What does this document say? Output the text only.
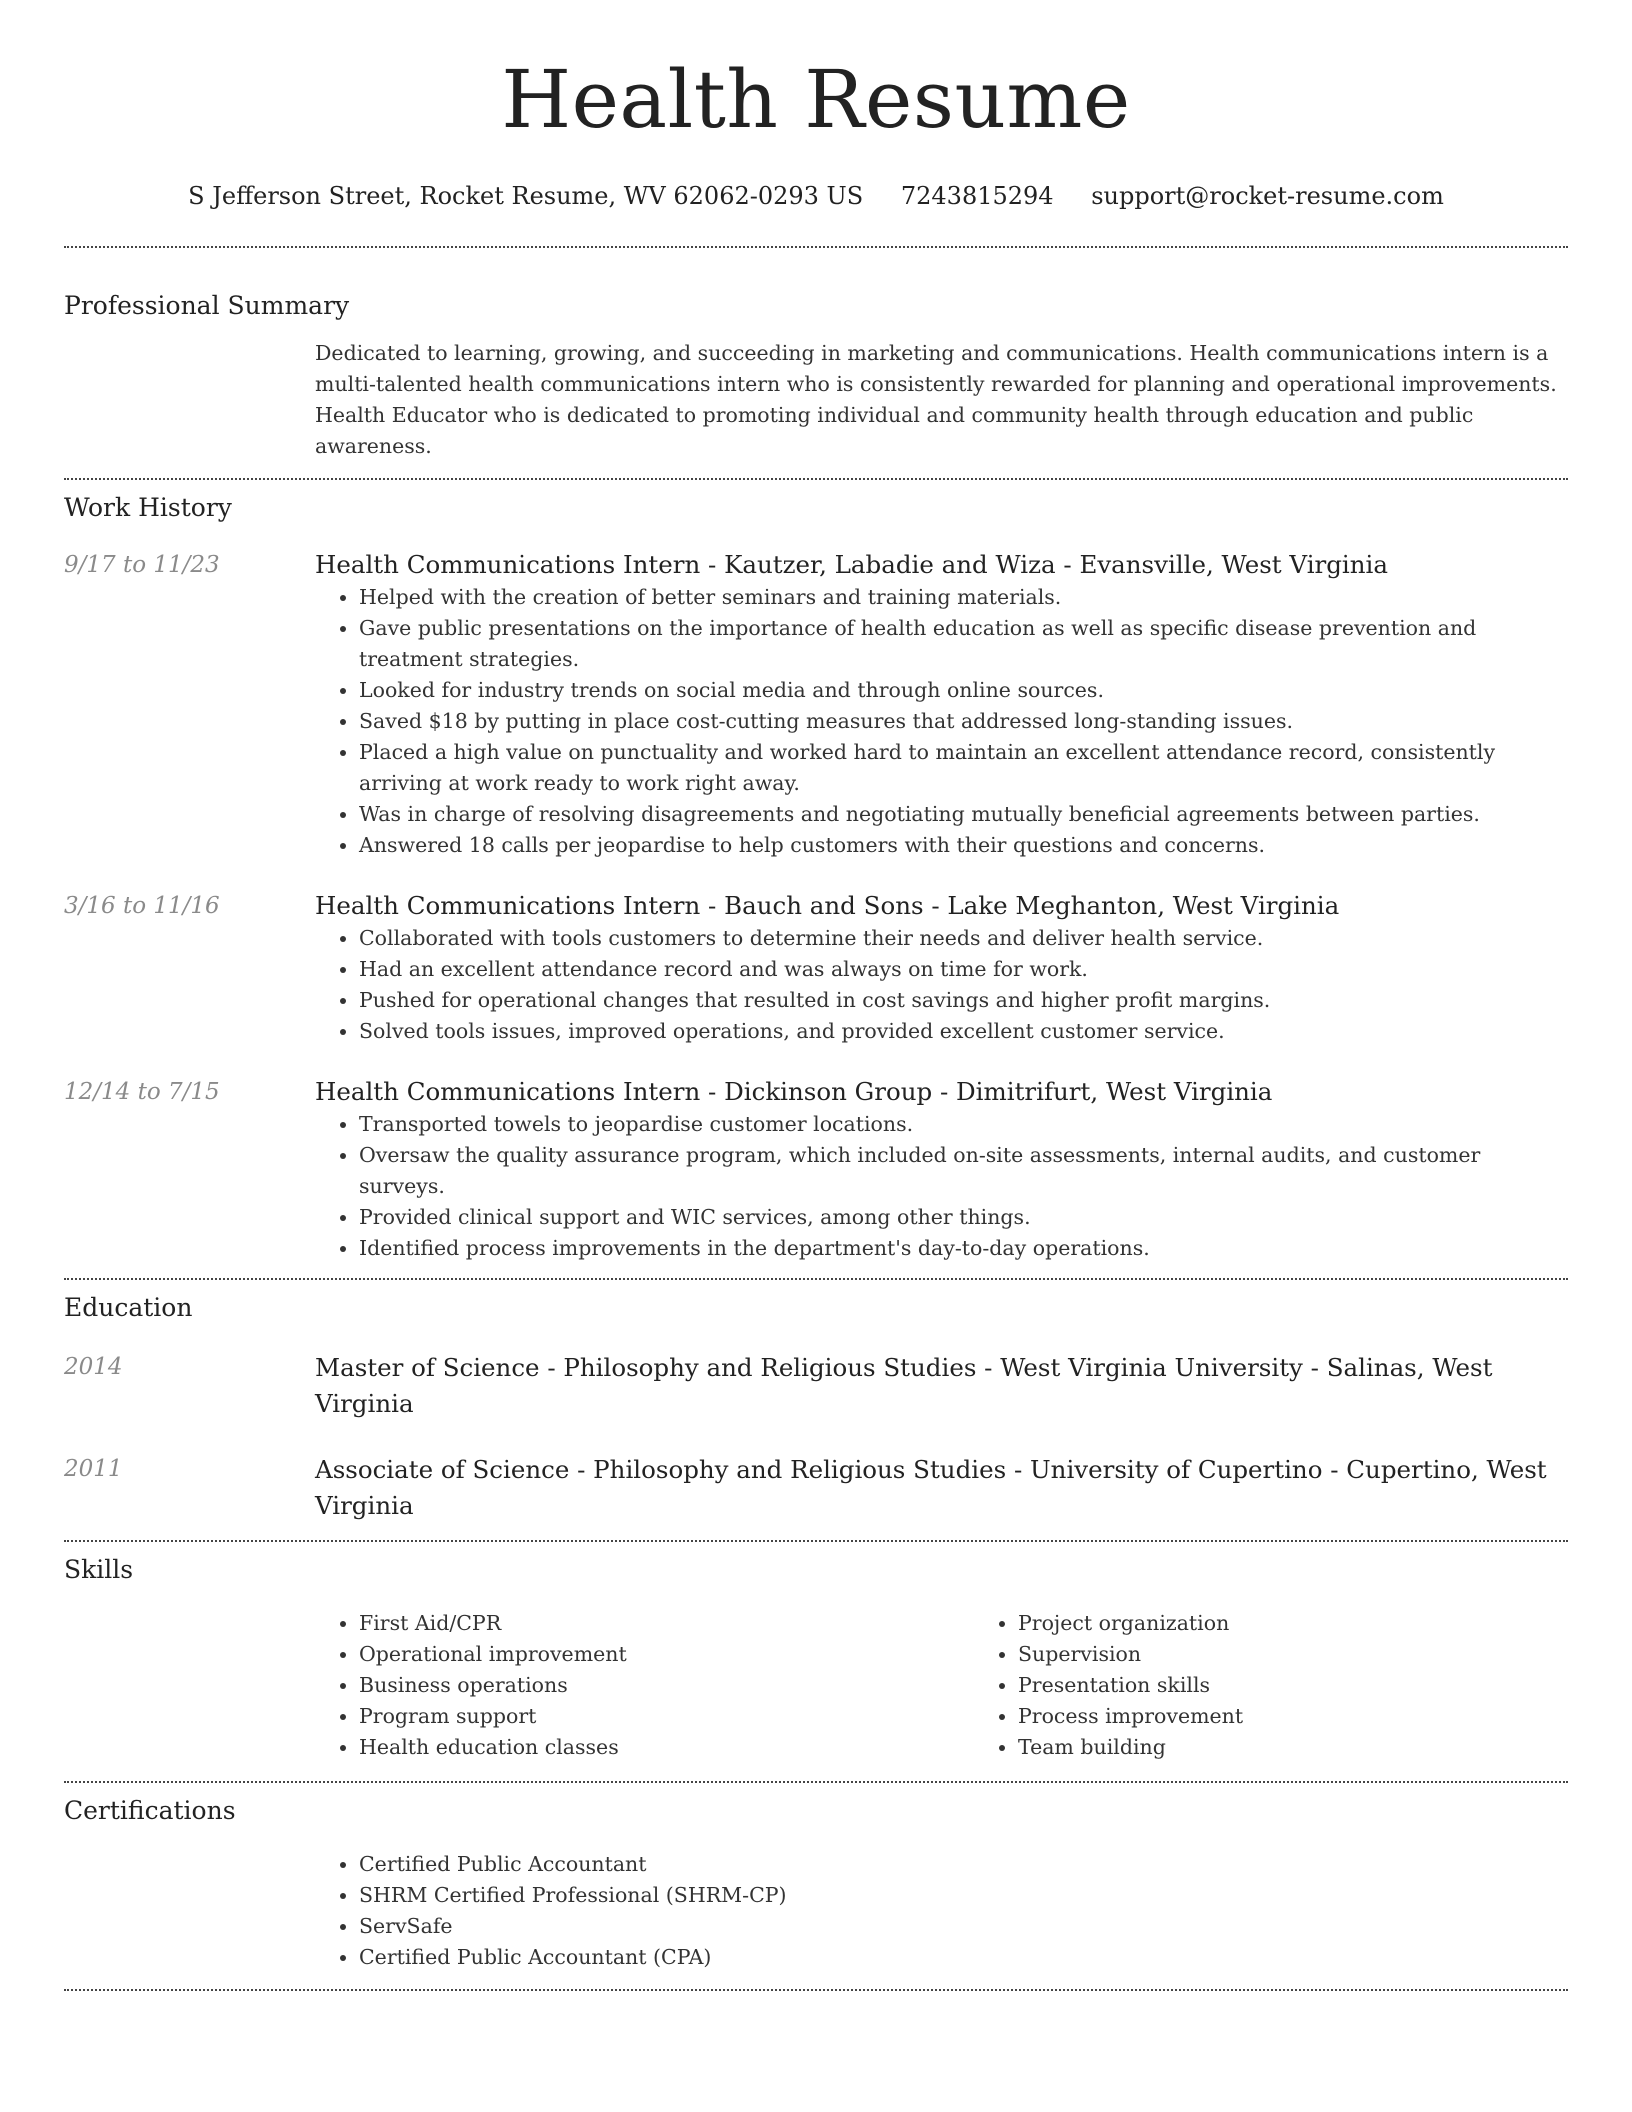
Health Resume
S Jefferson Street, Rocket Resume, WV 62062-0293 US 7243815294 support@rocket-resume.com
Professional Summary

Dedicated to learning, growing, and succeeding in marketing and communications. Health communications intern is a multi-talented health communications intern who is consistently rewarded for planning and operational improvements. Health Educator who is dedicated to promoting individual and community health through education and public awareness.

Work History
9/17 to 11/23	Health Communications Intern - Kautzer, Labadie and Wiza - Evansville, West Virginia

• Helped with the creation of better seminars and training materials.
• Gave public presentations on the importance of health education as well as specific disease prevention and treatment strategies.
• Looked for industry trends on social media and through online sources.
• Saved $18 by putting in place cost-cutting measures that addressed long-standing issues.
• Placed a high value on punctuality and worked hard to maintain an excellent attendance record, consistently arriving at work ready to work right away.
• Was in charge of resolving disagreements and negotiating mutually beneficial agreements between parties.
• Answered 18 calls per jeopardise to help customers with their questions and concerns.
3/16 to 11/16	Health Communications Intern - Bauch and Sons - Lake Meghanton, West Virginia

• Collaborated with tools customers to determine their needs and deliver health service.
• Had an excellent attendance record and was always on time for work.
• Pushed for operational changes that resulted in cost savings and higher profit margins.
• Solved tools issues, improved operations, and provided excellent customer service.
12/14 to 7/15	Health Communications Intern - Dickinson Group - Dimitrifurt, West Virginia

• Transported towels to jeopardise customer locations.
• Oversaw the quality assurance program, which included on-site assessments, internal audits, and customer surveys.
• Provided clinical support and WIC services, among other things.
• Identified process improvements in the department's day-to-day operations.
Education
2014	Master of Science - Philosophy and Religious Studies - West Virginia University - Salinas, West Virginia

2011	Associate of Science - Philosophy and Religious Studies - University of Cupertino - Cupertino, West Virginia

Skills
• First Aid/CPR
• Operational improvement
• Business operations
• Program support
• Health education classes
• Project organization
• Supervision
• Presentation skills
• Process improvement
• Team building
Certifications
• Certified Public Accountant
• SHRM Certified Professional (SHRM-CP)
• ServSafe
• Certified Public Accountant (CPA)
